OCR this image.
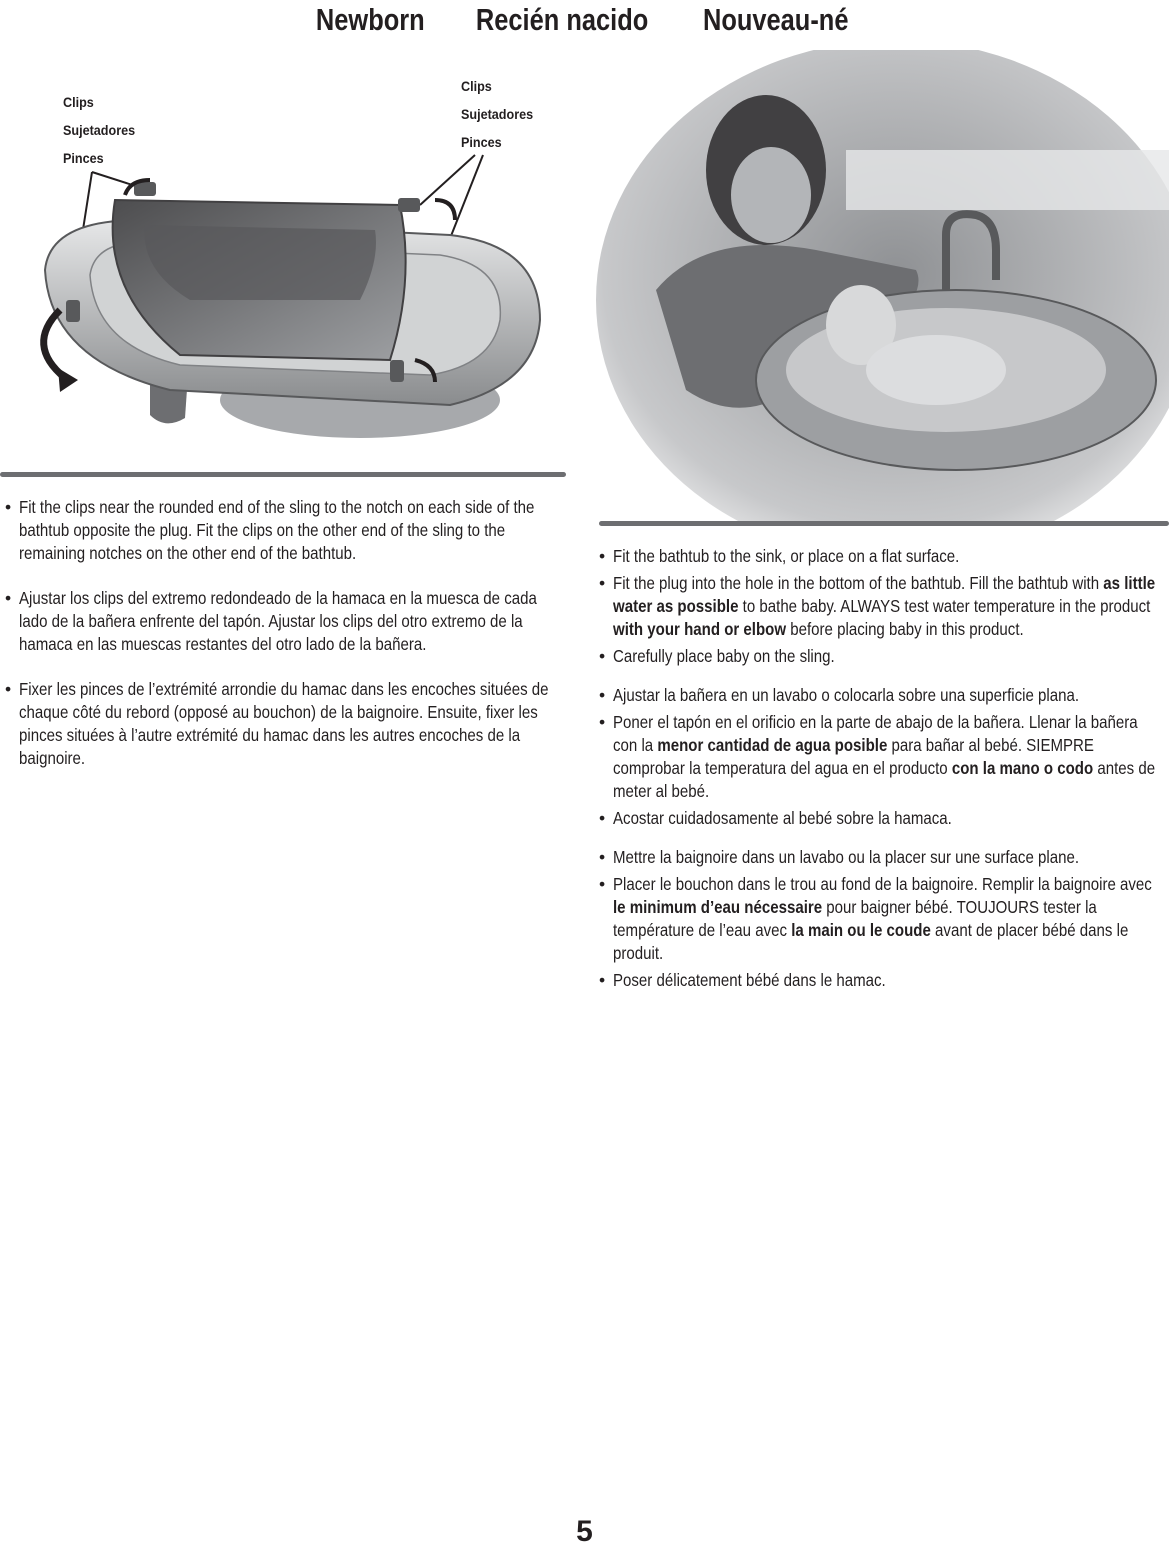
Newborn Recién nacido Nouveau-né
Clips
Sujetadores
Pinces
Clips
Sujetadores
Pinces
• Fit the clips near the rounded end of the sling to the notch on each side of the bathtub opposite the plug. Fit the clips on the other end of the sling to the remaining notches on the other end of the bathtub.
• Ajustar los clips del extremo redondeado de la hamaca en la muesca de cada lado de la bañera enfrente del tapón. Ajustar los clips del otro extremo de la hamaca en las muescas restantes del otro lado de la bañera.
• Fixer les pinces de l’extrémité arrondie du hamac dans les encoches situées de chaque côté du rebord (opposé au bouchon) de la baignoire. Ensuite, fixer les pinces situées à l’autre extrémité du hamac dans les autres encoches de la baignoire.
• Fit the bathtub to the sink, or place on a flat surface.
• Fit the plug into the hole in the bottom of the bathtub. Fill the bathtub with as little water as possible to bathe baby. ALWAYS test water temperature in the product with your hand or elbow before placing baby in this product.
• Carefully place baby on the sling.
• Ajustar la bañera en un lavabo o colocarla sobre una superficie plana.
• Poner el tapón en el orificio en la parte de abajo de la bañera. Llenar la bañera con la menor cantidad de agua posible para bañar al bebé. SIEMPRE comprobar la temperatura del agua en el producto con la mano o codo antes de meter al bebé.
• Acostar cuidadosamente al bebé sobre la hamaca.
• Mettre la baignoire dans un lavabo ou la placer sur une surface plane.
• Placer le bouchon dans le trou au fond de la baignoire. Remplir la baignoire avec le minimum d’eau nécessaire pour baigner bébé. TOUJOURS tester la température de l’eau avec la main ou le coude avant de placer bébé dans le produit.
• Poser délicatement bébé dans le hamac.
5
